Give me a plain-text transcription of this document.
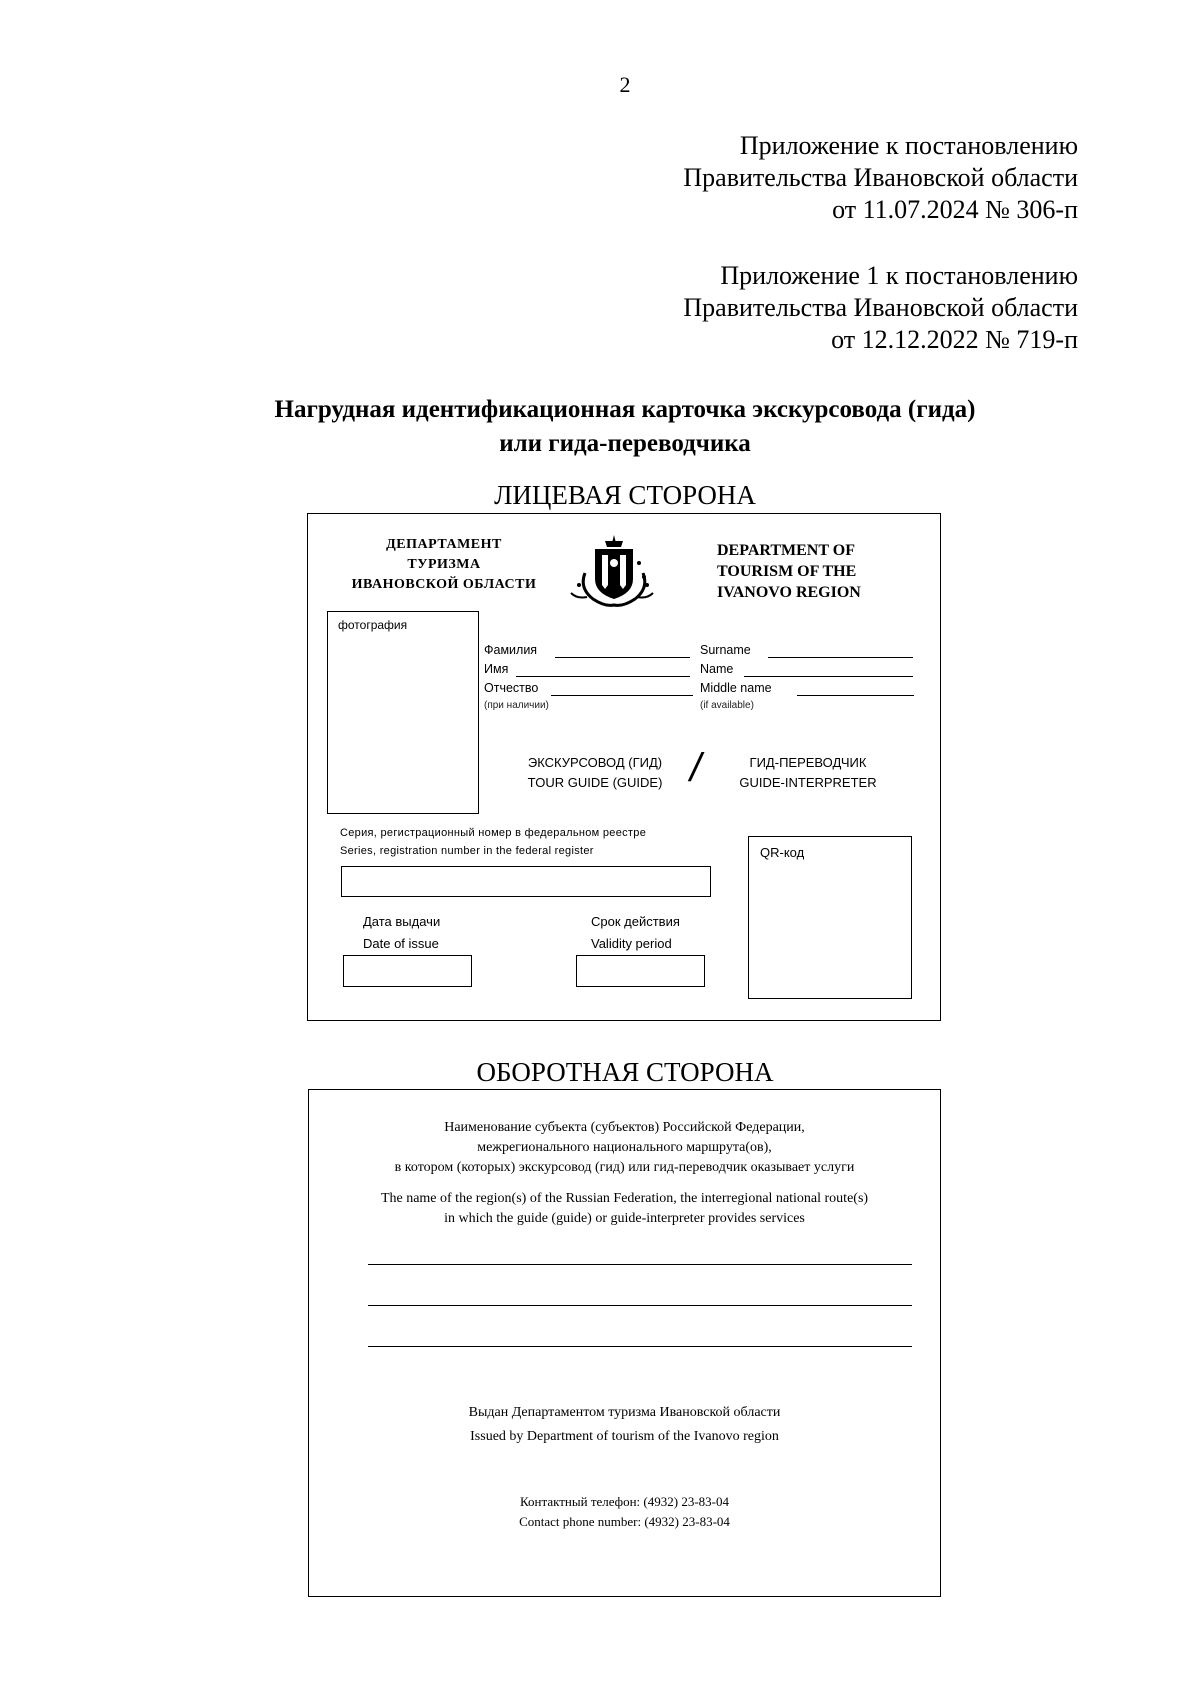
2
Приложение к постановлению
Правительства Ивановской области
от 11.07.2024 № 306-п
Приложение 1 к постановлению
Правительства Ивановской области
от 12.12.2022 № 719-п
Нагрудная идентификационная карточка экскурсовода (гида)
или гида-переводчика
ЛИЦЕВАЯ СТОРОНА
ДЕПАРТАМЕНТ
ТУРИЗМА
ИВАНОВСКОЙ ОБЛАСТИ
DEPARTMENT OF
TOURISM OF THE
IVANOVO REGION
фотография
Фамилия
Имя
Отчество
(при наличии)
Surname
Name
Middle name
(if available)
ЭКСКУРСОВОД (ГИД)
TOUR GUIDE (GUIDE) /	ГИД-ПЕРЕВОДЧИК
GUIDE-INTERPRETER
Серия, регистрационный номер в федеральном реестре
Series, registration number in the federal register
Дата выдачи
Date of issue
Срок действия
Validity period
QR-код
ОБОРОТНАЯ СТОРОНА
Наименование субъекта (субъектов) Российской Федерации,
межрегионального национального маршрута(ов),
в котором (которых) экскурсовод (гид) или гид-переводчик оказывает услуги
The name of the region(s) of the Russian Federation, the interregional national route(s)
in which the guide (guide) or guide-interpreter provides services
Выдан Департаментом туризма Ивановской области
Issued by Department of tourism of the Ivanovo region
Контактный телефон: (4932) 23-83-04
Contact phone number: (4932) 23-83-04
